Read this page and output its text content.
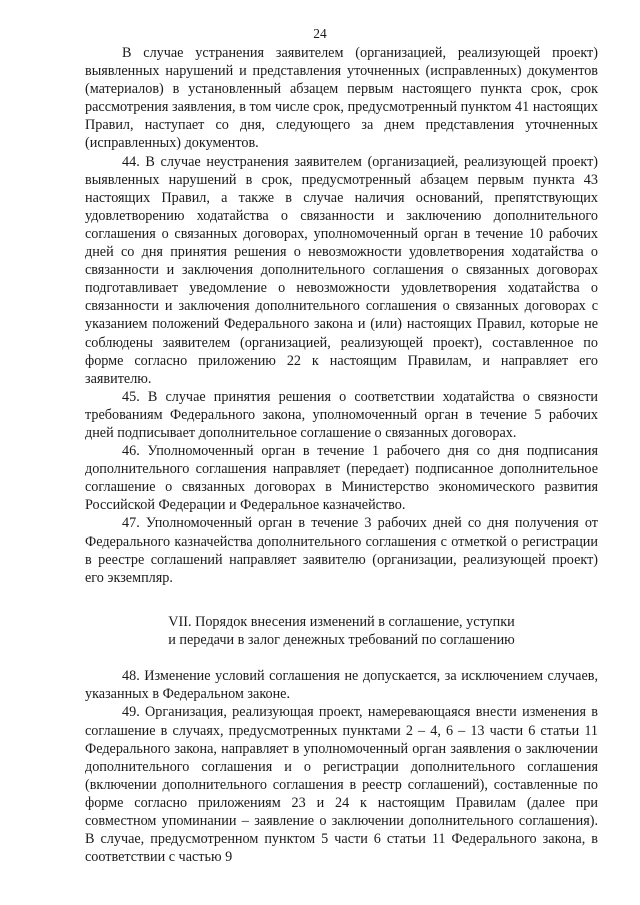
24

В случае устранения заявителем (организацией, реализующей проект) выявленных нарушений и представления уточненных (исправленных) документов (материалов) в установленный абзацем первым настоящего пункта срок, срок рассмотрения заявления, в том числе срок, предусмотренный пунктом 41 настоящих Правил, наступает со дня, следующего за днем представления уточненных (исправленных) документов.

44. В случае неустранения заявителем (организацией, реализующей проект) выявленных нарушений в срок, предусмотренный абзацем первым пункта 43 настоящих Правил, а также в случае наличия оснований, препятствующих удовлетворению ходатайства о связанности и заключению дополнительного соглашения о связанных договорах, уполномоченный орган в течение 10 рабочих дней со дня принятия решения о невозможности удовлетворения ходатайства о связанности и заключения дополнительного соглашения о связанных договорах подготавливает уведомление о невозможности удовлетворения ходатайства о связанности и заключения дополнительного соглашения о связанных договорах с указанием положений Федерального закона и (или) настоящих Правил, которые не соблюдены заявителем (организацией, реализующей проект), составленное по форме согласно приложению 22 к настоящим Правилам, и направляет его заявителю.

45. В случае принятия решения о соответствии ходатайства о связности требованиям Федерального закона, уполномоченный орган в течение 5 рабочих дней подписывает дополнительное соглашение о связанных договорах.

46. Уполномоченный орган в течение 1 рабочего дня со дня подписания дополнительного соглашения направляет (передает) подписанное дополнительное соглашение о связанных договорах в Министерство экономического развития Российской Федерации и Федеральное казначейство.

47. Уполномоченный орган в течение 3 рабочих дней со дня получения от Федерального казначейства дополнительного соглашения с отметкой о регистрации в реестре соглашений направляет заявителю (организации, реализующей проект) его экземпляр.

VII. Порядок внесения изменений в соглашение, уступки
и передачи в залог денежных требований по соглашению

48. Изменение условий соглашения не допускается, за исключением случаев, указанных в Федеральном законе.

49. Организация, реализующая проект, намеревающаяся внести изменения в соглашение в случаях, предусмотренных пунктами 2 – 4, 6 – 13 части 6 статьи 11 Федерального закона, направляет в уполномоченный орган заявления о заключении дополнительного соглашения и о регистрации дополнительного соглашения (включении дополнительного соглашения в реестр соглашений), составленные по форме согласно приложениям 23 и 24 к настоящим Правилам (далее при совместном упоминании – заявление о заключении дополнительного соглашения). В случае, предусмотренном пунктом 5 части 6 статьи 11 Федерального закона, в соответствии с частью 9
